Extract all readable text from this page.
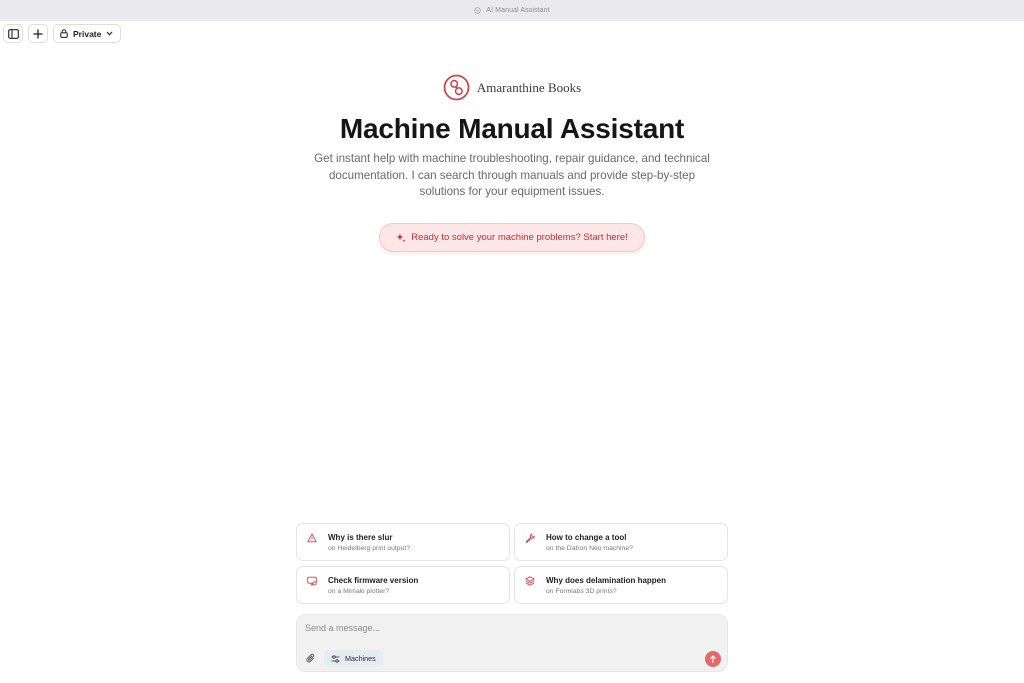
AI Manual Assistant
Private
Amaranthine Books
Machine Manual Assistant
Get instant help with machine troubleshooting, repair guidance, and technical documentation. I can search through manuals and provide step-by-step solutions for your equipment issues.
Ready to solve your machine problems? Start here!
Why is there slur
on Heidelberg print output?
How to change a tool
on the Datron Neo machine?
Check firmware version
on a Mimaki plotter?
Why does delamination happen
on Formlabs 3D prints?
Send a message...
Machines
